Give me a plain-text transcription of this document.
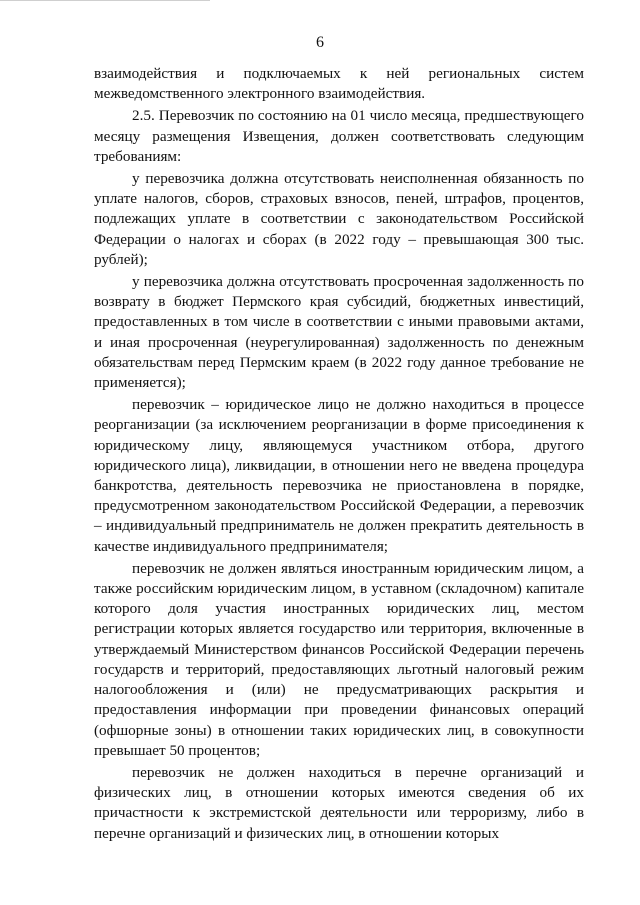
6

взаимодействия и подключаемых к ней региональных систем межведомственного электронного взаимодействия.

2.5. Перевозчик по состоянию на 01 число месяца, предшествующего месяцу размещения Извещения, должен соответствовать следующим требованиям:

у перевозчика должна отсутствовать неисполненная обязанность по уплате налогов, сборов, страховых взносов, пеней, штрафов, процентов, подлежащих уплате в соответствии с законодательством Российской Федерации о налогах и сборах (в 2022 году – превышающая 300 тыс. рублей);

у перевозчика должна отсутствовать просроченная задолженность по возврату в бюджет Пермского края субсидий, бюджетных инвестиций, предоставленных в том числе в соответствии с иными правовыми актами, и иная просроченная (неурегулированная) задолженность по денежным обязательствам перед Пермским краем (в 2022 году данное требование не применяется);

перевозчик – юридическое лицо не должно находиться в процессе реорганизации (за исключением реорганизации в форме присоединения к юридическому лицу, являющемуся участником отбора, другого юридического лица), ликвидации, в отношении него не введена процедура банкротства, деятельность перевозчика не приостановлена в порядке, предусмотренном законодательством Российской Федерации, а перевозчик – индивидуальный предприниматель не должен прекратить деятельность в качестве индивидуального предпринимателя;

перевозчик не должен являться иностранным юридическим лицом, а также российским юридическим лицом, в уставном (складочном) капитале которого доля участия иностранных юридических лиц, местом регистрации которых является государство или территория, включенные в утверждаемый Министерством финансов Российской Федерации перечень государств и территорий, предоставляющих льготный налоговый режим налогообложения и (или) не предусматривающих раскрытия и предоставления информации при проведении финансовых операций (офшорные зоны) в отношении таких юридических лиц, в совокупности превышает 50 процентов;

перевозчик не должен находиться в перечне организаций и физических лиц, в отношении которых имеются сведения об их причастности к экстремистской деятельности или терроризму, либо в перечне организаций и физических лиц, в отношении которых
